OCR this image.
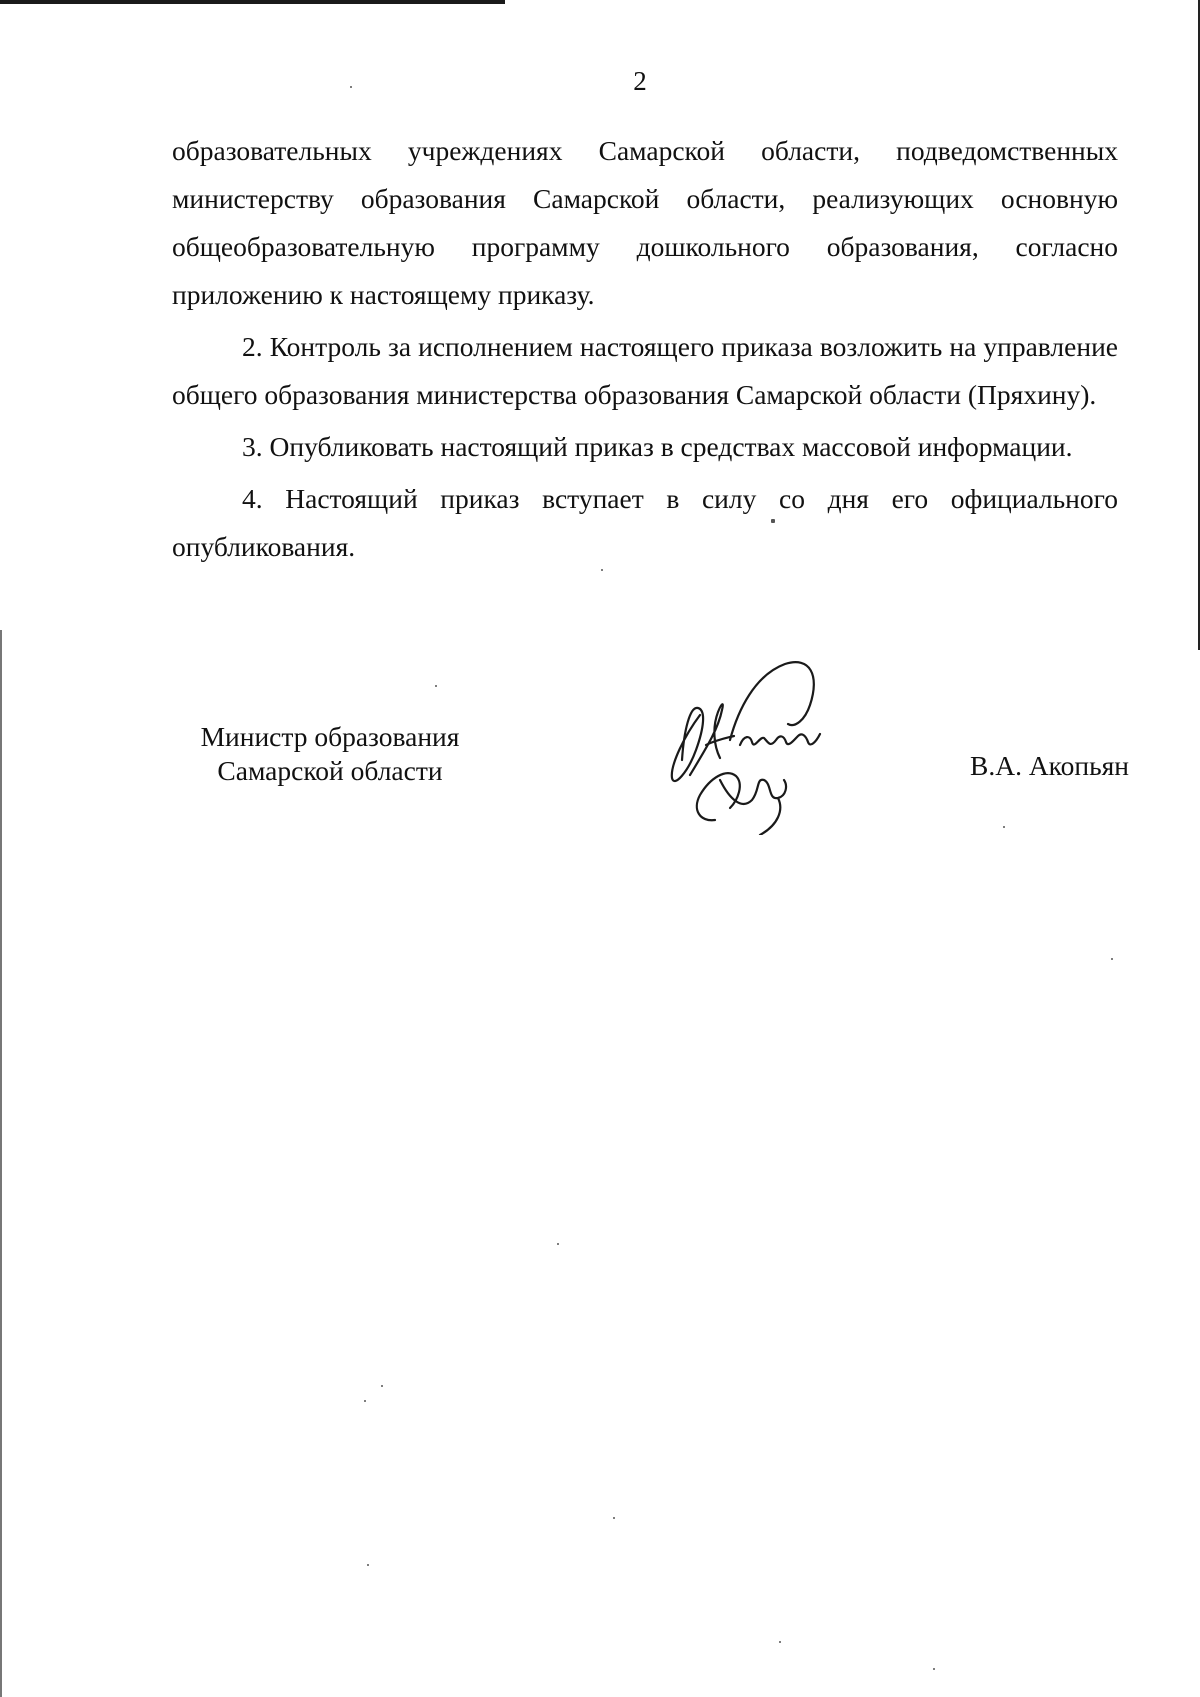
2

образовательных учреждениях Самарской области, подведомственных министерству образования Самарской области, реализующих основную общеобразовательную программу дошкольного образования, согласно приложению к настоящему приказу.

2. Контроль за исполнением настоящего приказа возложить на управление общего образования министерства образования Самарской области (Пряхину).

3. Опубликовать настоящий приказ в средствах массовой информации.

4. Настоящий приказ вступает в силу со дня его официального опубликования.

Министр образования
Самарской области	В.А. Акопьян
